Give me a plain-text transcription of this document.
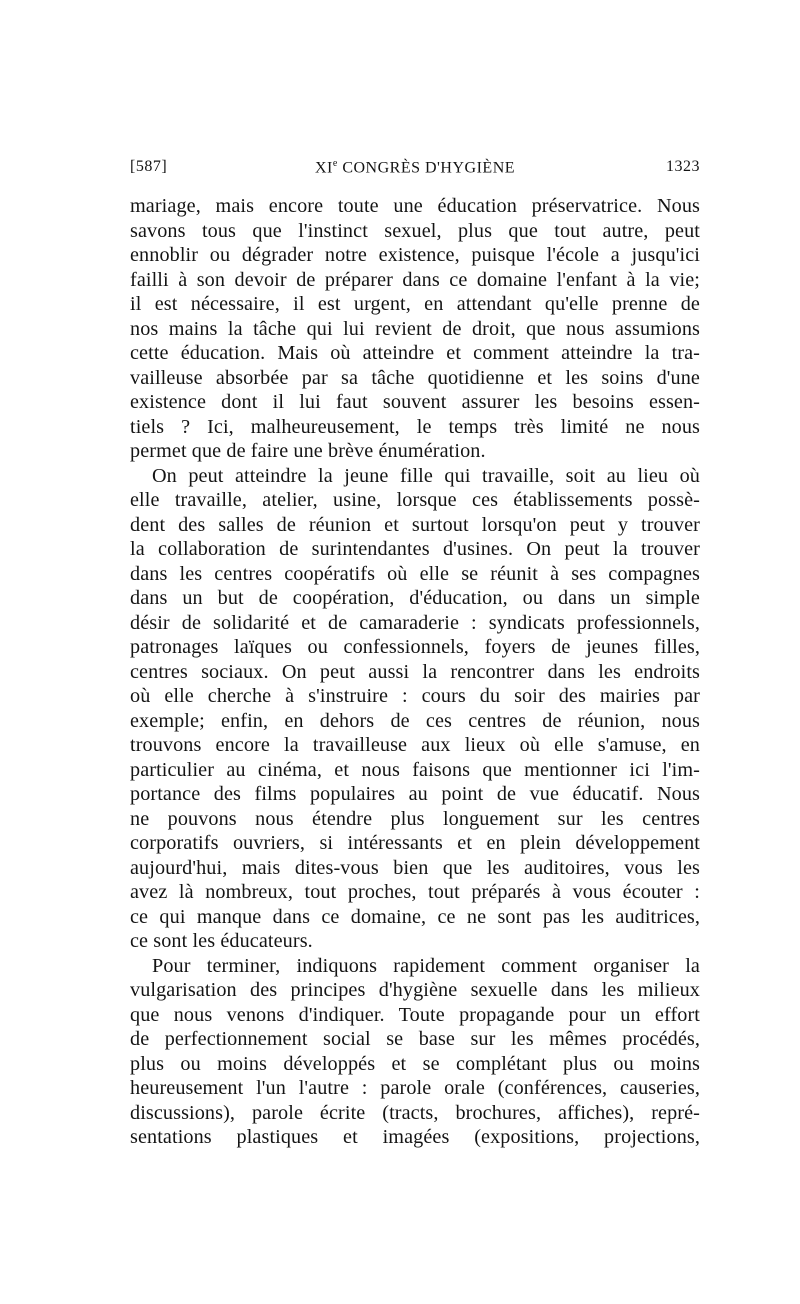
[587]	XIe CONGRÈS D'HYGIÈNE	1323
mariage, mais encore toute une éducation préservatrice. Nous
savons tous que l'instinct sexuel, plus que tout autre, peut
ennoblir ou dégrader notre existence, puisque l'école a jusqu'ici
failli à son devoir de préparer dans ce domaine l'enfant à la vie;
il est nécessaire, il est urgent, en attendant qu'elle prenne de
nos mains la tâche qui lui revient de droit, que nous assumions
cette éducation. Mais où atteindre et comment atteindre la tra-
vailleuse absorbée par sa tâche quotidienne et les soins d'une
existence dont il lui faut souvent assurer les besoins essen-
tiels ? Ici, malheureusement, le temps très limité ne nous
permet que de faire une brève énumération.
On peut atteindre la jeune fille qui travaille, soit au lieu où
elle travaille, atelier, usine, lorsque ces établissements possè-
dent des salles de réunion et surtout lorsqu'on peut y trouver
la collaboration de surintendantes d'usines. On peut la trouver
dans les centres coopératifs où elle se réunit à ses compagnes
dans un but de coopération, d'éducation, ou dans un simple
désir de solidarité et de camaraderie : syndicats professionnels,
patronages laïques ou confessionnels, foyers de jeunes filles,
centres sociaux. On peut aussi la rencontrer dans les endroits
où elle cherche à s'instruire : cours du soir des mairies par
exemple; enfin, en dehors de ces centres de réunion, nous
trouvons encore la travailleuse aux lieux où elle s'amuse, en
particulier au cinéma, et nous faisons que mentionner ici l'im-
portance des films populaires au point de vue éducatif. Nous
ne pouvons nous étendre plus longuement sur les centres
corporatifs ouvriers, si intéressants et en plein développement
aujourd'hui, mais dites-vous bien que les auditoires, vous les
avez là nombreux, tout proches, tout préparés à vous écouter :
ce qui manque dans ce domaine, ce ne sont pas les auditrices,
ce sont les éducateurs.
Pour terminer, indiquons rapidement comment organiser la
vulgarisation des principes d'hygiène sexuelle dans les milieux
que nous venons d'indiquer. Toute propagande pour un effort
de perfectionnement social se base sur les mêmes procédés,
plus ou moins développés et se complétant plus ou moins
heureusement l'un l'autre : parole orale (conférences, causeries,
discussions), parole écrite (tracts, brochures, affiches), repré-
sentations plastiques et imagées (expositions, projections,
